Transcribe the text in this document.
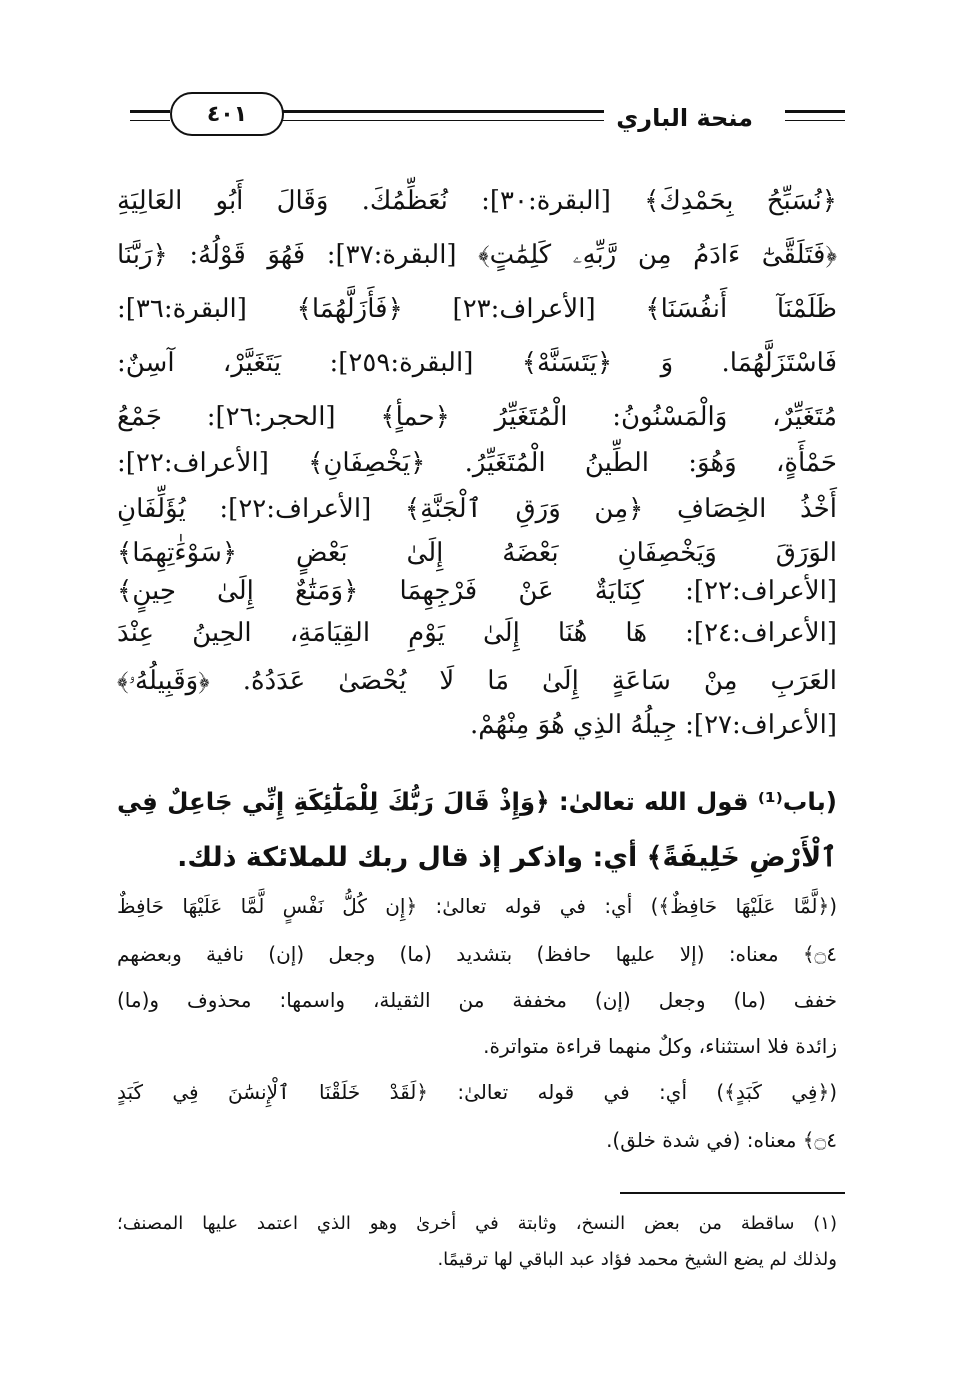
منحة الباري
٤٠١
﴿نُسَبِّحُ بِحَمْدِكَ﴾ [البقرة:٣٠]: نُعَظِّمُكَ. وَقَالَ أَبُو العَالِيَةِ
﴿فَتَلَقَّىٰٓ ءَادَمُ مِن رَّبِّهِۦ كَلِمَٰتٍ﴾ [البقرة:٣٧]: فَهُوَ قَوْلُهُ: ﴿رَبَّنَا
ظَلَمْنَآ أَنفُسَنَا﴾ [الأعراف:٢٣] ﴿فَأَزَلَّهُمَا﴾ [البقرة:٣٦]:
فَاسْتَزَلَّهُمَا. وَ ﴿يَتَسَنَّهْ﴾ [البقرة:٢٥٩]: يَتَغَيَّرْ، آسِنٌ:
مُتَغَيِّرٌ، وَالْمَسْنُونُ: الْمُتَغَيِّرُ ﴿حمأٍ﴾ [الحجر:٢٦]: جَمْعُ
حَمْأَةٍ، وَهُوَ: الطِّينُ الْمُتَغَيِّرُ. ﴿يَخْصِفَانِ﴾ [الأعراف:٢٢]:
أَخْذُ الخِصَافِ ﴿مِن وَرَقِ ٱلْجَنَّةِ﴾ [الأعراف:٢٢]: يُؤَلِّفَانِ
الوَرَقَ وَيَخْصِفَانِ بَعْضَهُ إِلَىٰ بَعْضٍ ﴿سَوْءَٰتِهِمَا﴾
[الأعراف:٢٢]: كِنَايَةٌ عَنْ فَرْجِهِمَا ﴿وَمَتَٰعٌ إِلَىٰ حِينٍ﴾
[الأعراف:٢٤]: هَا هُنَا إِلَىٰ يَوْمِ القِيَامَةِ، الحِينُ عِنْدَ
العَرَبِ مِنْ سَاعَةٍ إِلَىٰ مَا لَا يُحْصَىٰ عَدَدُهُ. ﴿وَقَبِيلُهُۥ﴾
[الأعراف:٢٧]: جِيلُهُ الذِي هُوَ مِنْهُمْ.
(باب⁽¹⁾ قول الله تعالىٰ: ﴿وَإِذْ قَالَ رَبُّكَ لِلْمَلَٰٓئِكَةِ إِنِّي جَاعِلٌ فِي
ٱلْأَرْضِ خَلِيفَةً﴾ أي: واذكر إذ قال ربك للملائكة ذلك.
(﴿لَّمَّا عَلَيْهَا حَافِظٌ﴾) أي: في قوله تعالىٰ: ﴿إِن كُلُّ نَفْسٍ لَّمَّا عَلَيْهَا حَافِظٌ
۝٤﴾ معناه: (إلا عليها حافظ) بتشديد (ما) وجعل (إن) نافية وبعضهم
خفف (ما) وجعل (إن) مخففة من الثقيلة، واسمها: محذوف و(ما)
زائدة فلا استثناء، وكلٌ منهما قراءة متواترة.
(﴿فِي كَبَدٍ﴾) أي: في قوله تعالىٰ: ﴿لَقَدْ خَلَقْنَا ٱلْإِنسَٰنَ فِي كَبَدٍ
۝٤﴾ معناه: (في شدة خلق).
(١) ساقطة من بعض النسخ، وثابتة في أخرىٰ وهو الذي اعتمد عليها المصنف؛
ولذلك لم يضع الشيخ محمد فؤاد عبد الباقي لها ترقيمًا.
